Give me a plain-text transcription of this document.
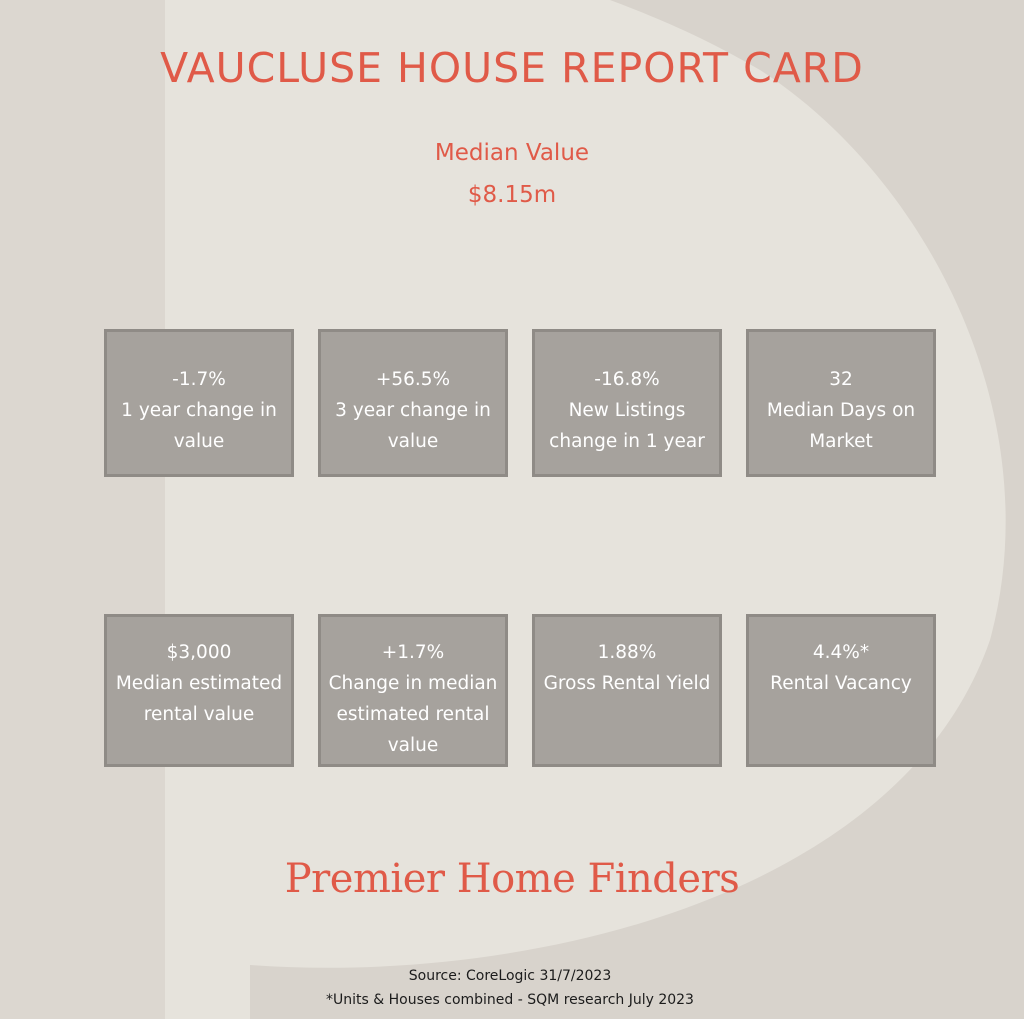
VAUCLUSE HOUSE REPORT CARD
Median Value
$8.15m
-1.7%
1 year change in
value
+56.5%
3 year change in
value
-16.8%
New Listings
change in 1 year
32
Median Days on
Market
$3,000
Median estimated
rental value
+1.7%
Change in median
estimated rental
value
1.88%
Gross Rental Yield
4.4%*
Rental Vacancy
Premier Home Finders
Source: CoreLogic 31/7/2023
*Units & Houses combined - SQM research July 2023
